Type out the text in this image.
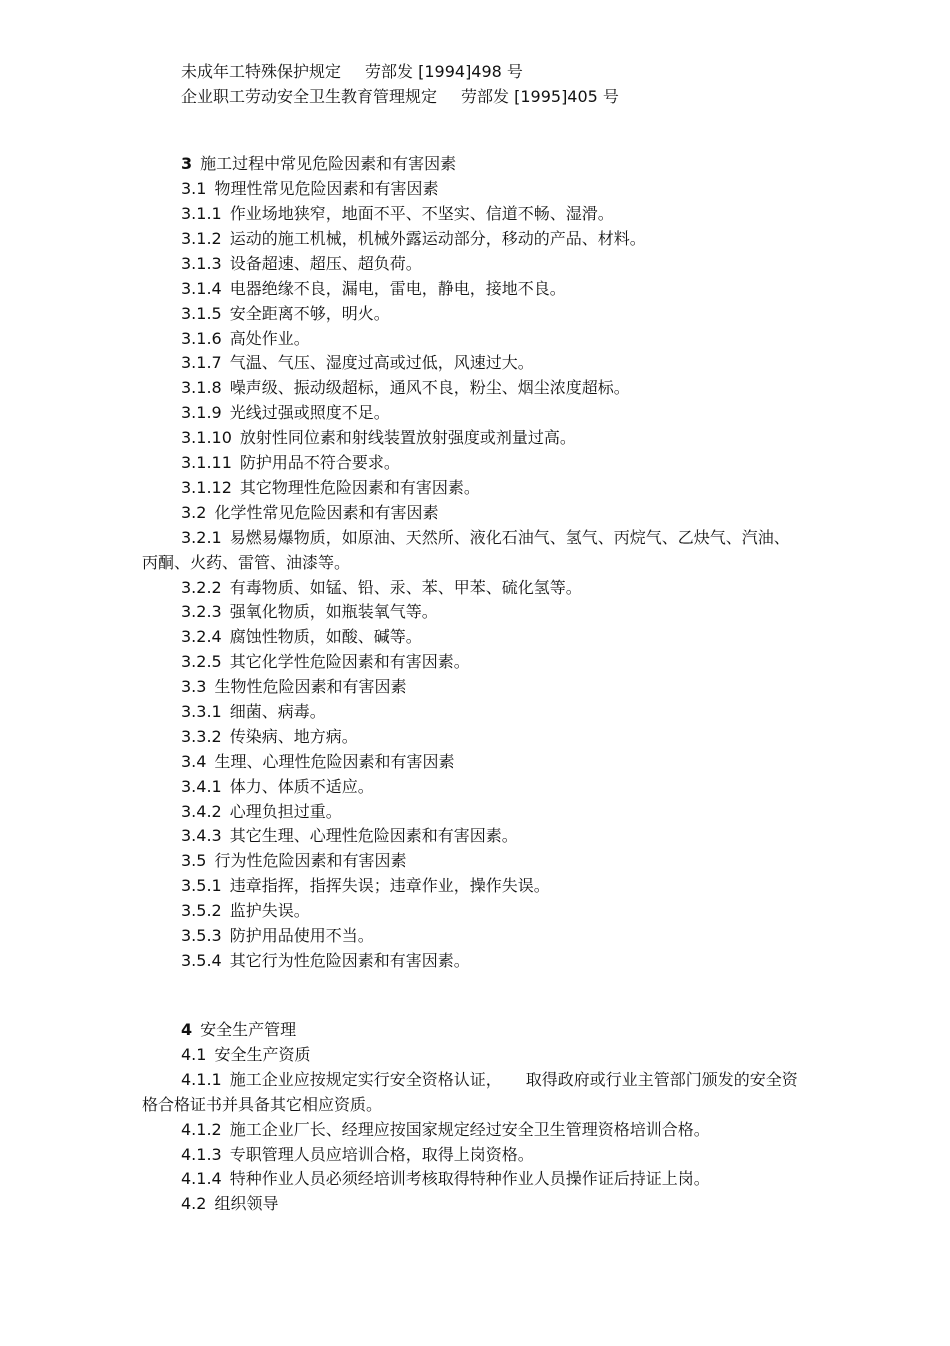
未成年工特殊保护规定 劳部发 [1994]498 号
企业职工劳动安全卫生教育管理规定 劳部发 [1995]405 号
3 施工过程中常见危险因素和有害因素
3.1 物理性常见危险因素和有害因素
3.1.1 作业场地狭窄，地面不平、不坚实、信道不畅、湿滑。
3.1.2 运动的施工机械，机械外露运动部分，移动的产品、材料。
3.1.3 设备超速、超压、超负荷。
3.1.4 电器绝缘不良，漏电，雷电，静电，接地不良。
3.1.5 安全距离不够，明火。
3.1.6 高处作业。
3.1.7 气温、气压、湿度过高或过低，风速过大。
3.1.8 噪声级、振动级超标，通风不良，粉尘、烟尘浓度超标。
3.1.9 光线过强或照度不足。
3.1.10 放射性同位素和射线装置放射强度或剂量过高。
3.1.11 防护用品不符合要求。
3.1.12 其它物理性危险因素和有害因素。
3.2 化学性常见危险因素和有害因素
3.2.1 易燃易爆物质，如原油、天然所、液化石油气、氢气、丙烷气、乙炔气、汽油、
丙酮、火药、雷管、油漆等。
3.2.2 有毒物质、如锰、铅、汞、苯、甲苯、硫化氢等。
3.2.3 强氧化物质，如瓶装氧气等。
3.2.4 腐蚀性物质，如酸、碱等。
3.2.5 其它化学性危险因素和有害因素。
3.3 生物性危险因素和有害因素
3.3.1 细菌、病毒。
3.3.2 传染病、地方病。
3.4 生理、心理性危险因素和有害因素
3.4.1 体力、体质不适应。
3.4.2 心理负担过重。
3.4.3 其它生理、心理性危险因素和有害因素。
3.5 行为性危险因素和有害因素
3.5.1 违章指挥，指挥失误；违章作业，操作失误。
3.5.2 监护失误。
3.5.3 防护用品使用不当。
3.5.4 其它行为性危险因素和有害因素。
4 安全生产管理
4.1 安全生产资质
4.1.1 施工企业应按规定实行安全资格认证， 取得政府或行业主管部门颁发的安全资
格合格证书并具备其它相应资质。
4.1.2 施工企业厂长、经理应按国家规定经过安全卫生管理资格培训合格。
4.1.3 专职管理人员应培训合格，取得上岗资格。
4.1.4 特种作业人员必须经培训考核取得特种作业人员操作证后持证上岗。
4.2 组织领导
